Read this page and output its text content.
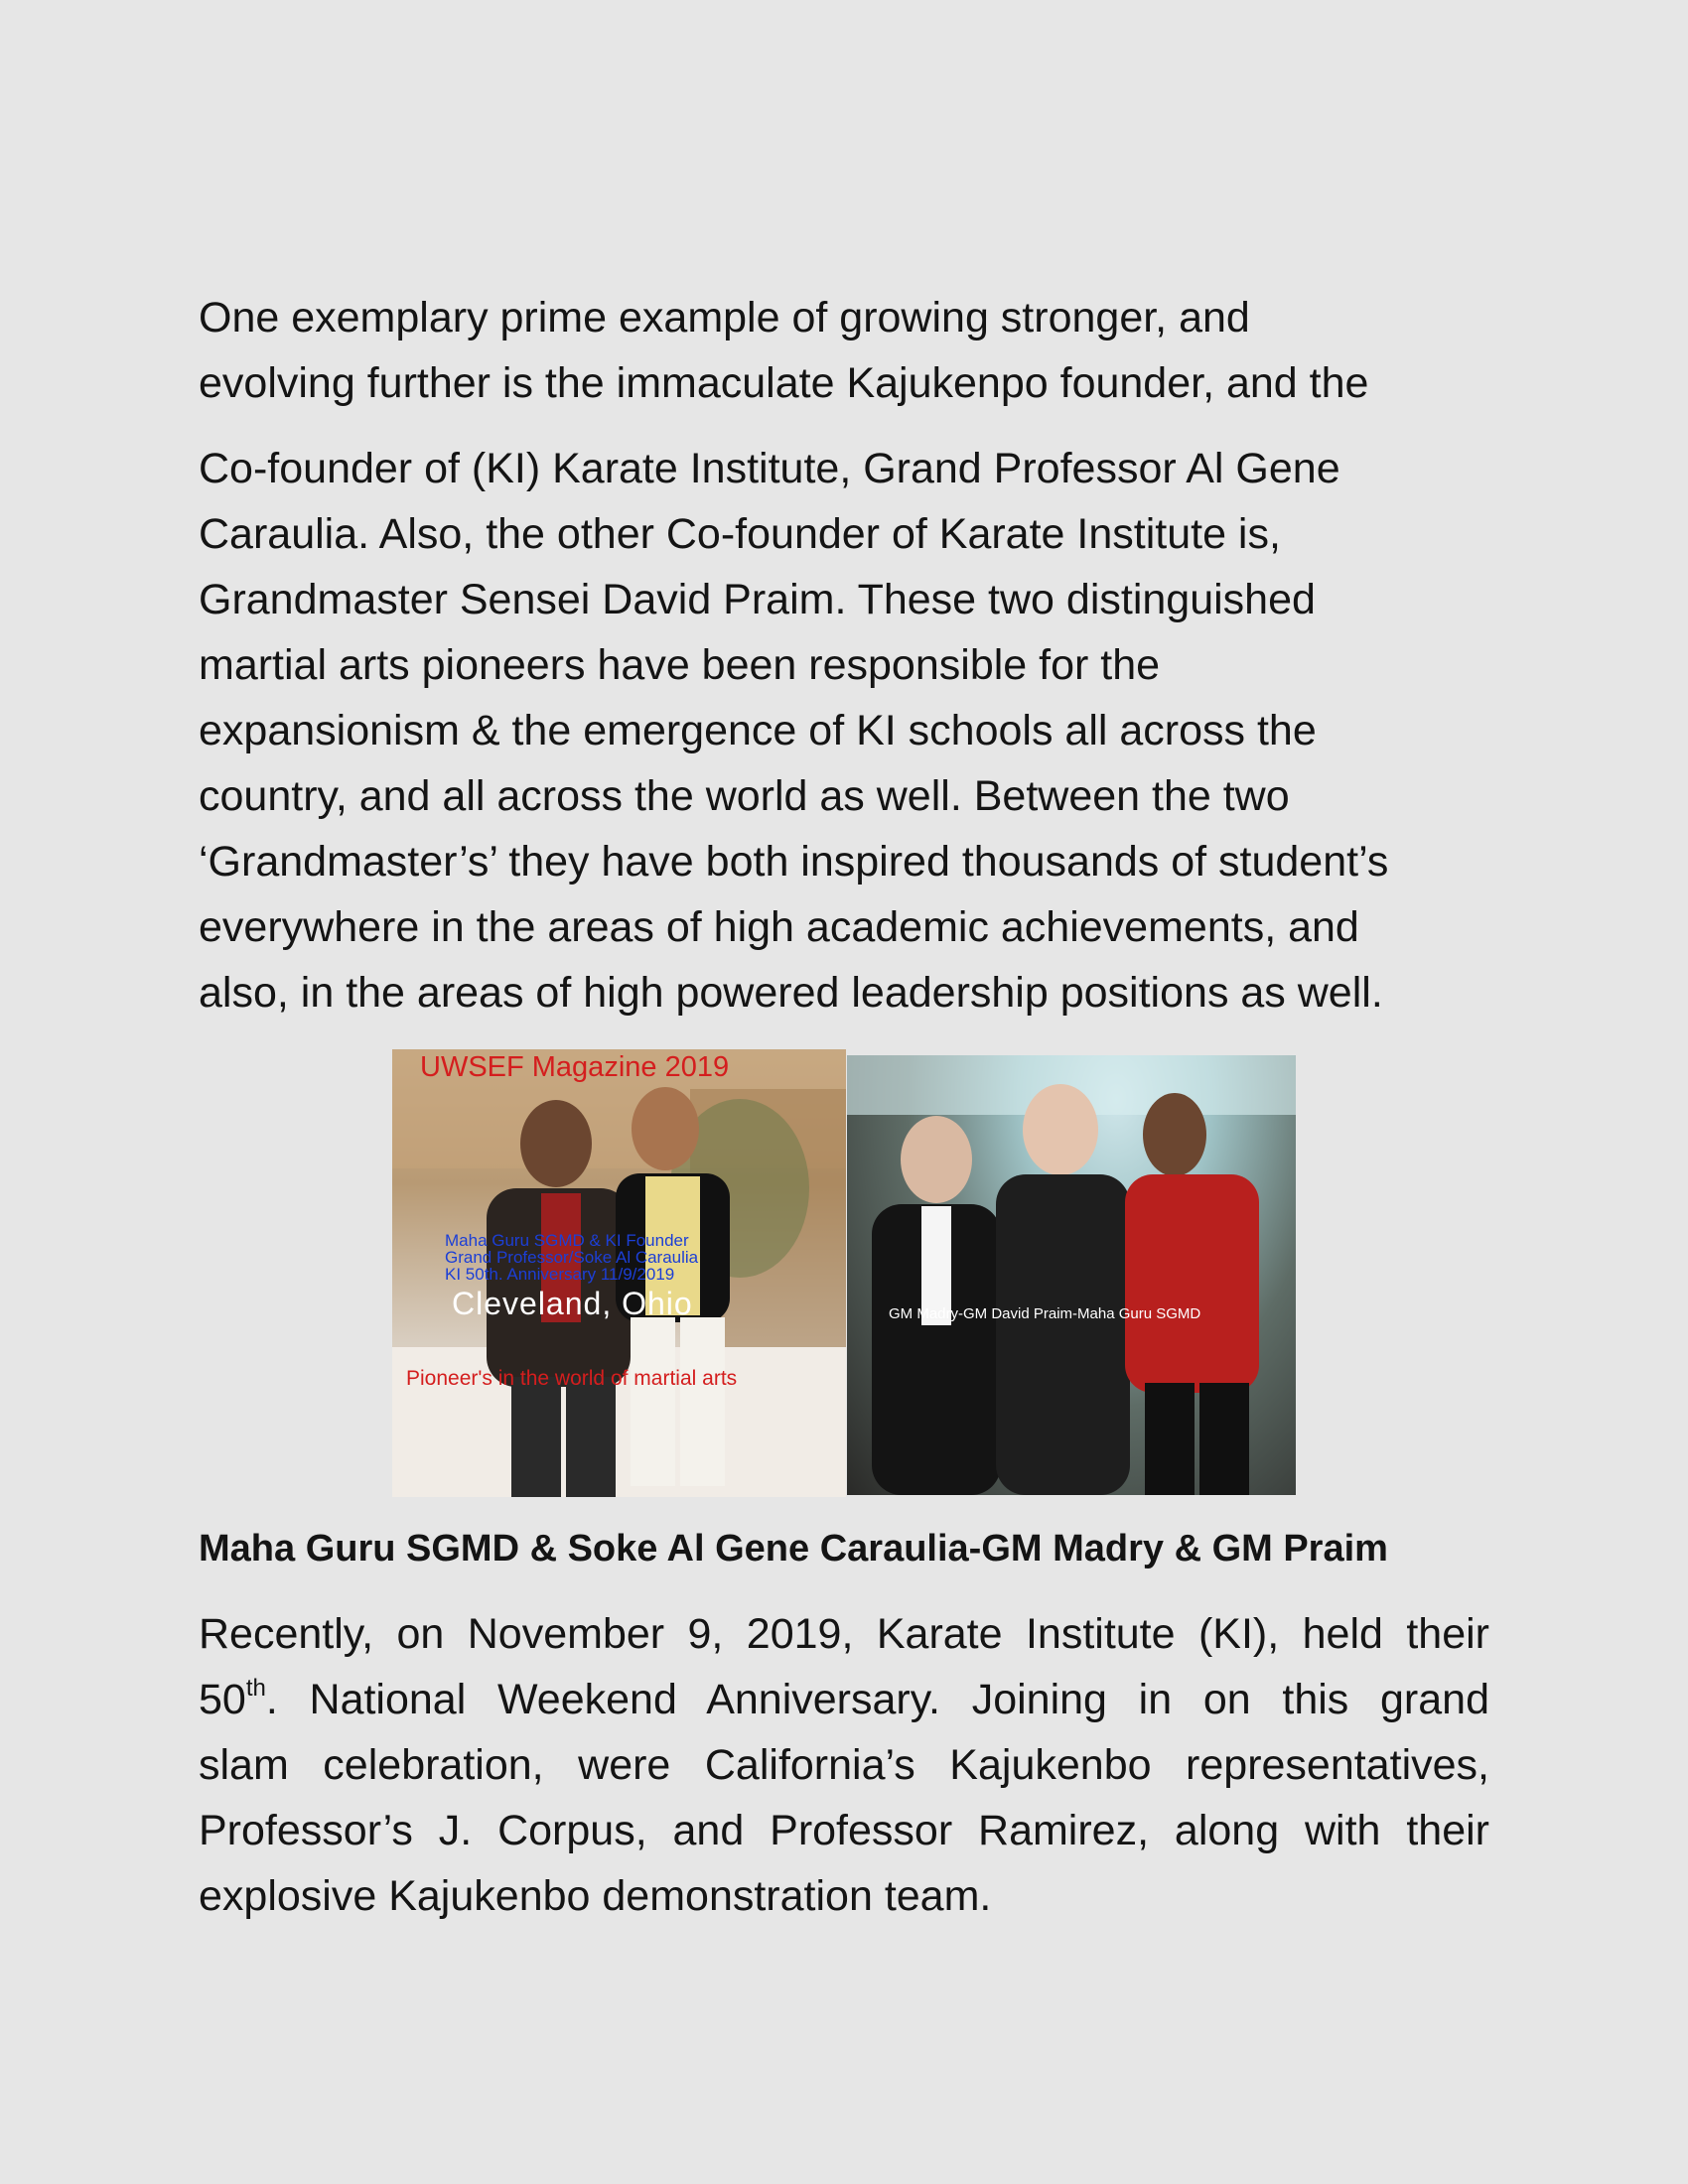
One exemplary prime example of growing stronger, and
evolving further is the immaculate Kajukenpo founder, and the
Co-founder of (KI) Karate Institute, Grand Professor Al Gene
Caraulia. Also, the other Co-founder of Karate Institute is,
Grandmaster Sensei David Praim. These two distinguished
martial arts pioneers have been responsible for the
expansionism & the emergence of KI schools all across the
country, and all across the world as well. Between the two
‘Grandmaster’s’ they have both inspired thousands of student’s
everywhere in the areas of high academic achievements, and
also, in the areas of high powered leadership positions as well.
UWSEF Magazine 2019
Maha Guru SGMD & KI Founder
Grand Professor/Soke Al Caraulia
KI 50th. Anniversary 11/9/2019
Cleveland, Ohio
Pioneer's in the world of martial arts
GM Madry-GM David Praim-Maha Guru SGMD
Maha Guru SGMD & Soke Al Gene Caraulia-GM Madry & GM Praim
Recently, on November 9, 2019, Karate Institute (KI), held their
50th. National Weekend Anniversary. Joining in on this grand
slam celebration, were California’s Kajukenbo representatives,
Professor’s J. Corpus, and Professor Ramirez, along with their
explosive Kajukenbo demonstration team.
